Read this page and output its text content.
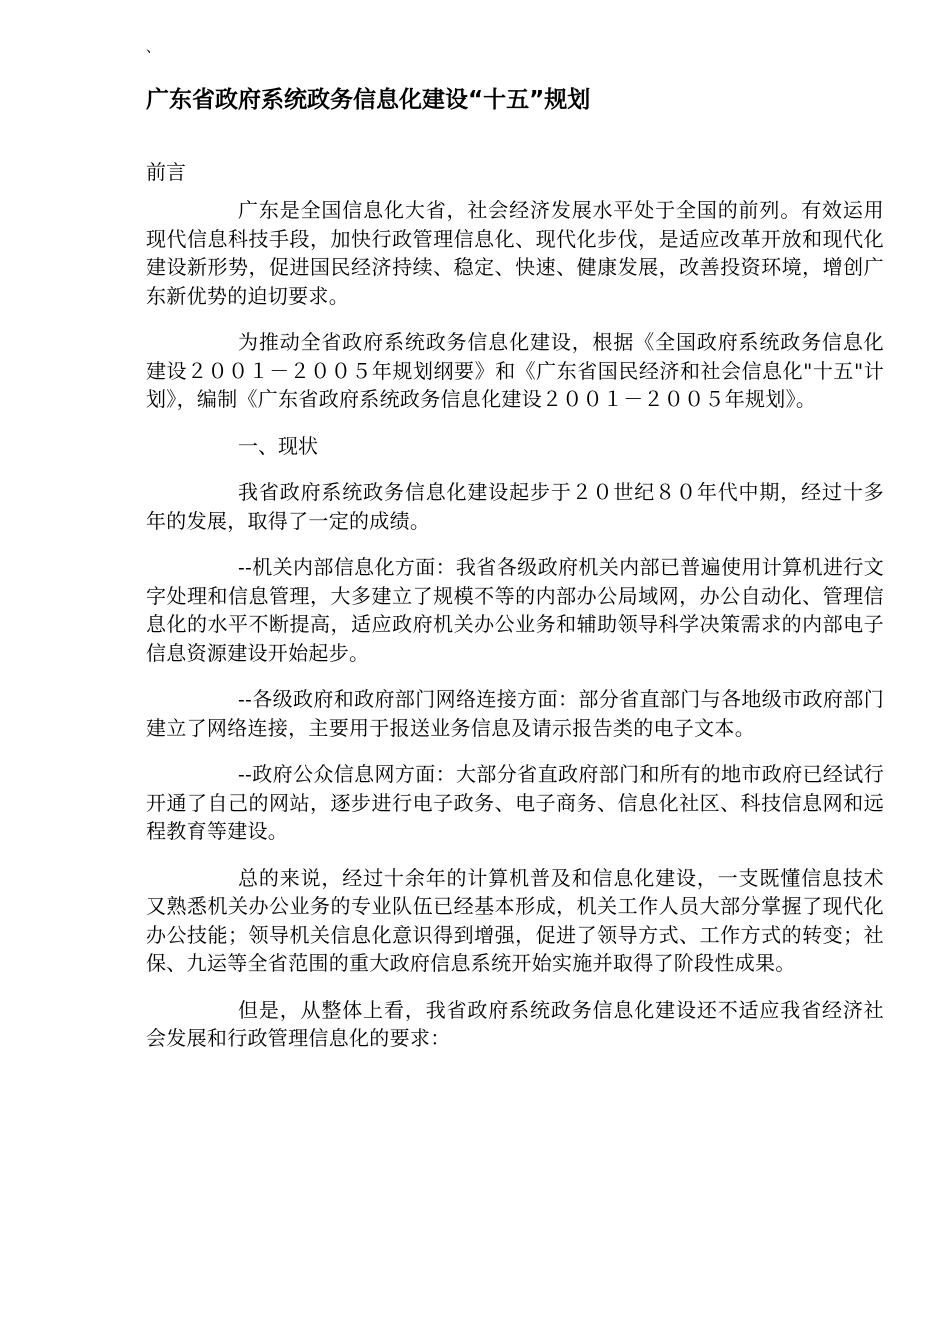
、
广东省政府系统政务信息化建设“十五”规划

前言

广东是全国信息化大省，社会经济发展水平处于全国的前列。有效运用现代信息科技手段，加快行政管理信息化、现代化步伐，是适应改革开放和现代化建设新形势，促进国民经济持续、稳定、快速、健康发展，改善投资环境，增创广东新优势的迫切要求。

为推动全省政府系统政务信息化建设，根据《全国政府系统政务信息化建设２００１－２００５年规划纲要》和《广东省国民经济和社会信息化"十五"计划》，编制《广东省政府系统政务信息化建设２００１－２００５年规划》。

一、现状

我省政府系统政务信息化建设起步于２０世纪８０年代中期，经过十多年的发展，取得了一定的成绩。

--机关内部信息化方面：我省各级政府机关内部已普遍使用计算机进行文字处理和信息管理，大多建立了规模不等的内部办公局域网，办公自动化、管理信息化的水平不断提高，适应政府机关办公业务和辅助领导科学决策需求的内部电子信息资源建设开始起步。

--各级政府和政府部门网络连接方面：部分省直部门与各地级市政府部门建立了网络连接，主要用于报送业务信息及请示报告类的电子文本。

--政府公众信息网方面：大部分省直政府部门和所有的地市政府已经试行开通了自己的网站，逐步进行电子政务、电子商务、信息化社区、科技信息网和远程教育等建设。

总的来说，经过十余年的计算机普及和信息化建设，一支既懂信息技术又熟悉机关办公业务的专业队伍已经基本形成，机关工作人员大部分掌握了现代化办公技能；领导机关信息化意识得到增强，促进了领导方式、工作方式的转变；社保、九运等全省范围的重大政府信息系统开始实施并取得了阶段性成果。

但是，从整体上看，我省政府系统政务信息化建设还不适应我省经济社会发展和行政管理信息化的要求：
